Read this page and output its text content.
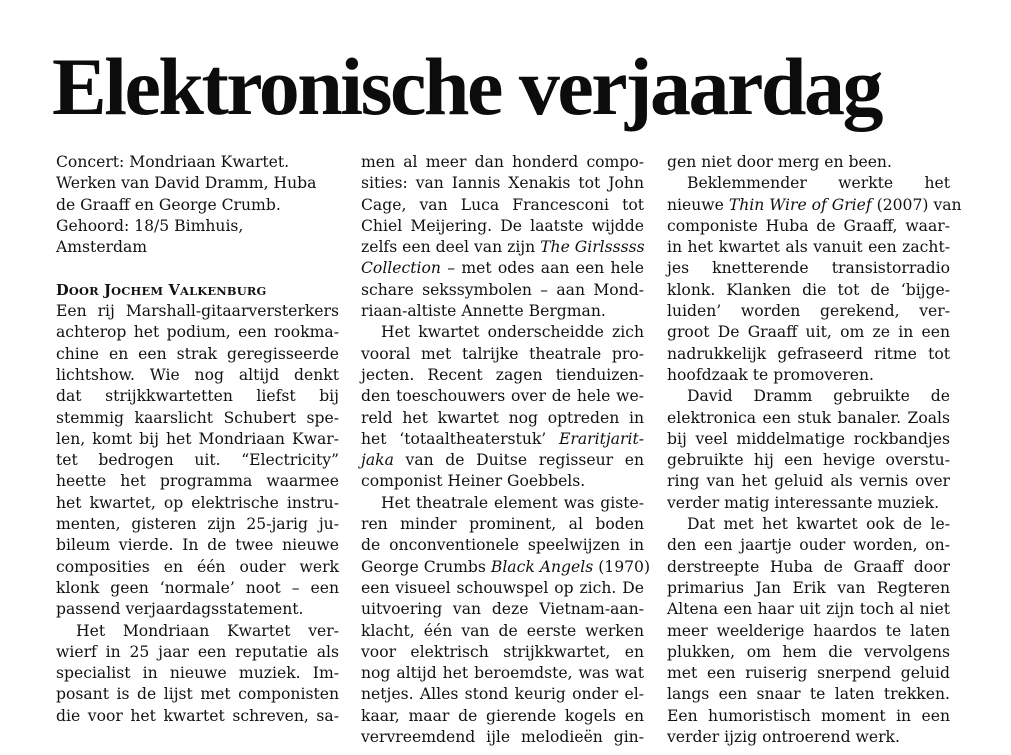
Elektronische verjaardag
Concert: Mondriaan Kwartet.
Werken van David Dramm, Huba
de Graaff en George Crumb.
Gehoord: 18/5 Bimhuis,
Amsterdam
DOOR JOCHEM VALKENBURG
Een rij Marshall-gitaarversterkers
achterop het podium, een rookma-
chine en een strak geregisseerde
lichtshow. Wie nog altijd denkt
dat strijkkwartetten liefst bij
stemmig kaarslicht Schubert spe-
len, komt bij het Mondriaan Kwar-
tet bedrogen uit. “Electricity”
heette het programma waarmee
het kwartet, op elektrische instru-
menten, gisteren zijn 25-jarig ju-
bileum vierde. In de twee nieuwe
composities en één ouder werk
klonk geen ‘normale’ noot – een
passend verjaardagsstatement.
Het Mondriaan Kwartet ver-
wierf in 25 jaar een reputatie als
specialist in nieuwe muziek. Im-
posant is de lijst met componisten
die voor het kwartet schreven, sa-
men al meer dan honderd compo-
sities: van Iannis Xenakis tot John
Cage, van Luca Francesconi tot
Chiel Meijering. De laatste wijdde
zelfs een deel van zijn The Girlsssss
Collection – met odes aan een hele
schare sekssymbolen – aan Mond-
riaan-altiste Annette Bergman.
Het kwartet onderscheidde zich
vooral met talrijke theatrale pro-
jecten. Recent zagen tienduizen-
den toeschouwers over de hele we-
reld het kwartet nog optreden in
het ‘totaaltheaterstuk’ Eraritjarit-
jaka van de Duitse regisseur en
componist Heiner Goebbels.
Het theatrale element was giste-
ren minder prominent, al boden
de onconventionele speelwijzen in
George Crumbs Black Angels (1970)
een visueel schouwspel op zich. De
uitvoering van deze Vietnam-aan-
klacht, één van de eerste werken
voor elektrisch strijkkwartet, en
nog altijd het beroemdste, was wat
netjes. Alles stond keurig onder el-
kaar, maar de gierende kogels en
vervreemdend ijle melodieën gin-
gen niet door merg en been.
Beklemmender werkte het
nieuwe Thin Wire of Grief (2007) van
componiste Huba de Graaff, waar-
in het kwartet als vanuit een zacht-
jes knetterende transistorradio
klonk. Klanken die tot de ‘bijge-
luiden’ worden gerekend, ver-
groot De Graaff uit, om ze in een
nadrukkelijk gefraseerd ritme tot
hoofdzaak te promoveren.
David Dramm gebruikte de
elektronica een stuk banaler. Zoals
bij veel middelmatige rockbandjes
gebruikte hij een hevige overstu-
ring van het geluid als vernis over
verder matig interessante muziek.
Dat met het kwartet ook de le-
den een jaartje ouder worden, on-
derstreepte Huba de Graaff door
primarius Jan Erik van Regteren
Altena een haar uit zijn toch al niet
meer weelderige haardos te laten
plukken, om hem die vervolgens
met een ruiserig snerpend geluid
langs een snaar te laten trekken.
Een humoristisch moment in een
verder ijzig ontroerend werk.
